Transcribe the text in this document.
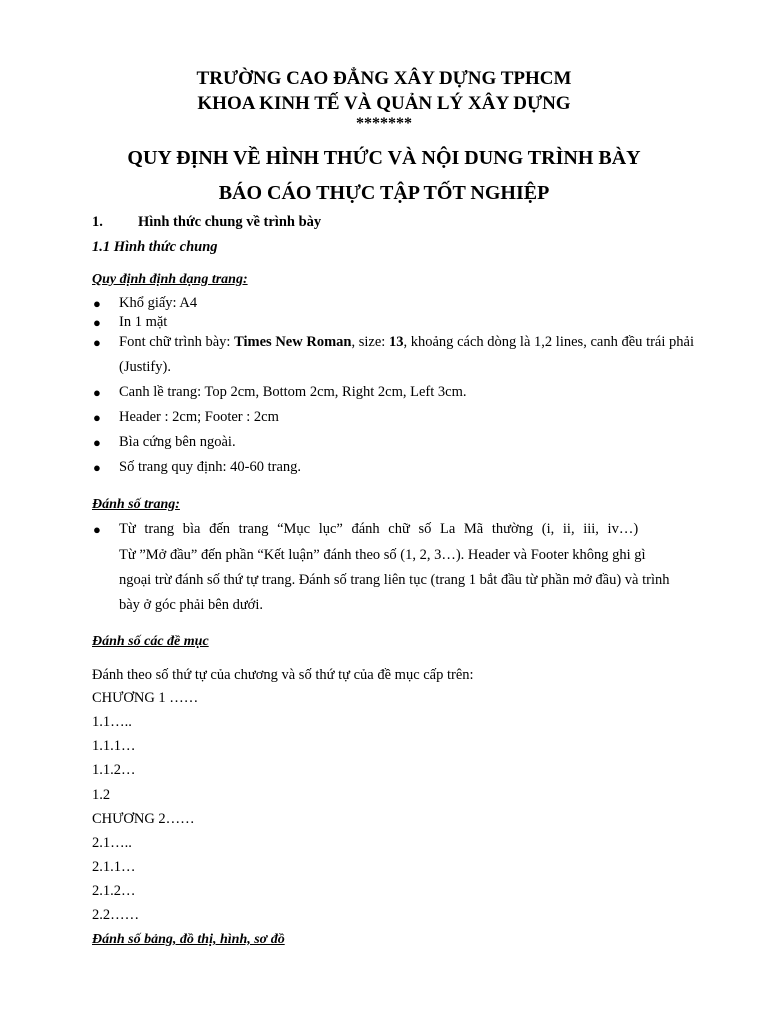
TRƯỜNG CAO ĐẲNG XÂY DỰNG TPHCM
KHOA KINH TẾ VÀ QUẢN LÝ XÂY DỰNG
*******
QUY ĐỊNH VỀ HÌNH THỨC VÀ NỘI DUNG TRÌNH BÀY
BÁO CÁO THỰC TẬP TỐT NGHIỆP
1. Hình thức chung về trình bày
1.1 Hình thức chung
Quy định định dạng trang:
● Khổ giấy: A4
● In 1 mặt
● Font chữ trình bày: Times New Roman, size: 13, khoảng cách dòng là 1,2 lines, canh đều trái phải (Justify).
● Canh lề trang: Top 2cm, Bottom 2cm, Right 2cm, Left 3cm.
● Header : 2cm; Footer : 2cm
● Bìa cứng bên ngoài.
● Số trang quy định: 40-60 trang.
Đánh số trang:
● Từ trang bìa đến trang “Mục lục” đánh chữ số La Mã thường (i, ii, iii, iv…)
Từ ”Mở đầu” đến phần “Kết luận” đánh theo số (1, 2, 3…). Header và Footer không ghi gì
ngoại trừ đánh số thứ tự trang. Đánh số trang liên tục (trang 1 bắt đầu từ phần mở đầu) và trình
bày ở góc phải bên dưới.
Đánh số các đề mục
Đánh theo số thứ tự của chương và số thứ tự của đề mục cấp trên:
CHƯƠNG 1 ……
1.1…..
1.1.1…
1.1.2…
1.2
CHƯƠNG 2……
2.1…..
2.1.1…
2.1.2…
2.2……
Đánh số bảng, đồ thị, hình, sơ đồ
